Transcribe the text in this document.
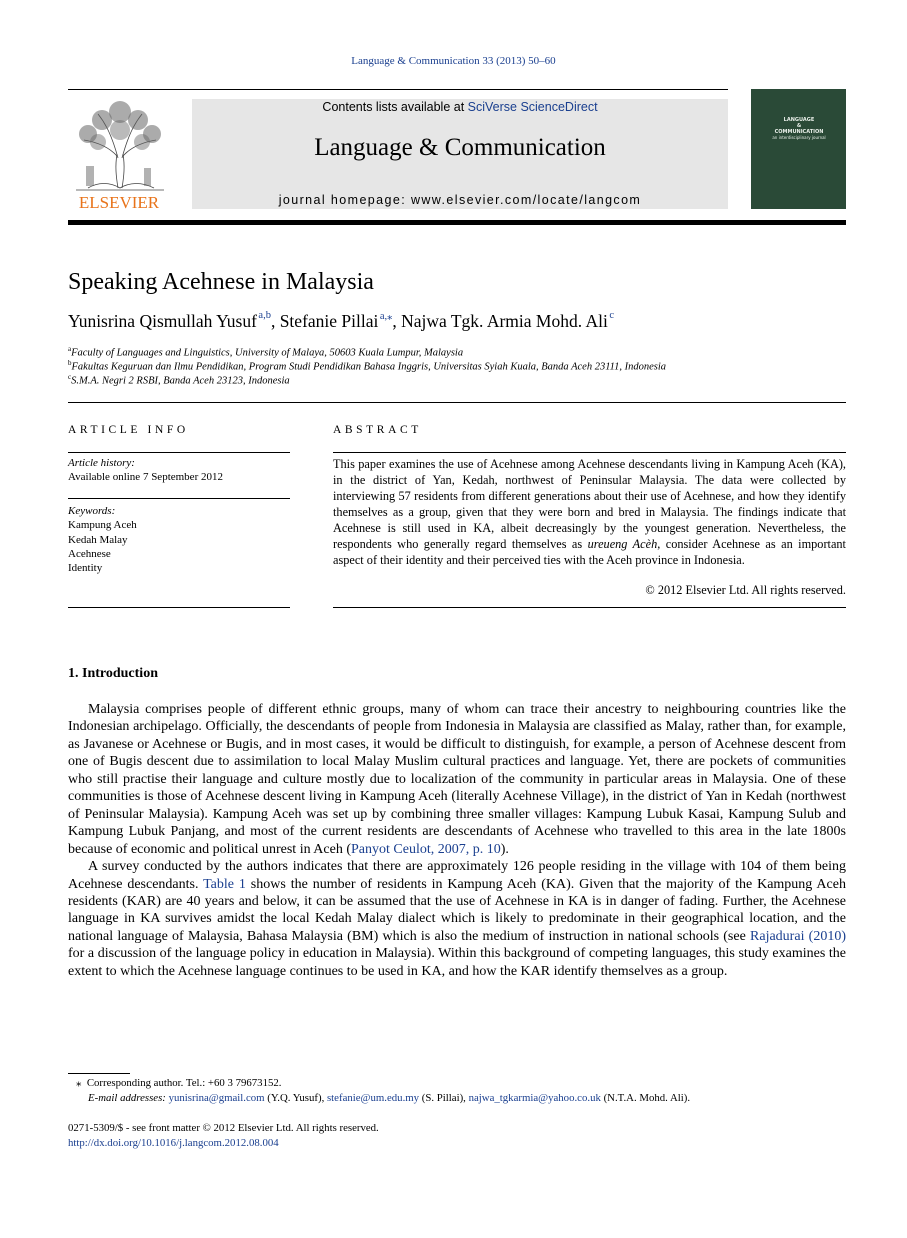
Language & Communication 33 (2013) 50–60
ELSEVIER
Contents lists available at SciVerse ScienceDirect
Language & Communication
journal homepage: www.elsevier.com/locate/langcom
LANGUAGE
&
COMMUNICATION
an interdisciplinary journal
Speaking Acehnese in Malaysia
Yunisrina Qismullah Yusuf $^{a,b}$, Stefanie Pillai $^{a,⁎}$, Najwa Tgk. Armia Mohd. Ali $^c$
$^a$Faculty of Languages and Linguistics, University of Malaya, 50603 Kuala Lumpur, Malaysia
$^b$Fakultas Keguruan dan Ilmu Pendidikan, Program Studi Pendidikan Bahasa Inggris, Universitas Syiah Kuala, Banda Aceh 23111, Indonesia
$^c$S.M.A. Negri 2 RSBI, Banda Aceh 23123, Indonesia
ARTICLE INFO
Article history:
Available online 7 September 2012
Keywords:
Kampung Aceh
Kedah Malay
Acehnese
Identity
ABSTRACT
This paper examines the use of Acehnese among Acehnese descendants living in Kampung Aceh (KA), in the district of Yan, Kedah, northwest of Peninsular Malaysia. The data were collected by interviewing 57 residents from different generations about their use of Acehnese, and how they identify themselves as a group, given that they were born and bred in Malaysia. The findings indicate that Acehnese is still used in KA, albeit decreasingly by the youngest generation. Nevertheless, the respondents who generally regard themselves as ureueng Acèh, consider Acehnese as an important aspect of their identity and their perceived ties with the Aceh province in Indonesia.
© 2012 Elsevier Ltd. All rights reserved.
1. Introduction

Malaysia comprises people of different ethnic groups, many of whom can trace their ancestry to neighbouring countries like the Indonesian archipelago. Officially, the descendants of people from Indonesia in Malaysia are classified as Malay, rather than, for example, as Javanese or Acehnese or Bugis, and in most cases, it would be difficult to distinguish, for example, a person of Acehnese descent from one of Bugis descent due to assimilation to local Malay Muslim cultural practices and language. Yet, there are pockets of communities who still practise their language and culture mostly due to localization of the community in particular areas in Malaysia. One of these communities is those of Acehnese descent living in Kampung Aceh (literally Acehnese Village), in the district of Yan in Kedah (northwest of Peninsular Malaysia). Kampung Aceh was set up by combining three smaller villages: Kampung Lubuk Kasai, Kampung Sulub and Kampung Lubuk Panjang, and most of the current residents are descendants of Acehnese who travelled to this area in the late 1800s because of economic and political unrest in Aceh (Panyot Ceulot, 2007, p. 10).

A survey conducted by the authors indicates that there are approximately 126 people residing in the village with 104 of them being Acehnese descendants. Table 1 shows the number of residents in Kampung Aceh (KA). Given that the majority of the Kampung Aceh residents (KAR) are 40 years and below, it can be assumed that the use of Acehnese in KA is in danger of fading. Further, the Acehnese language in KA survives amidst the local Kedah Malay dialect which is likely to predominate in their geographical location, and the national language of Malaysia, Bahasa Malaysia (BM) which is also the medium of instruction in national schools (see Rajadurai (2010) for a discussion of the language policy in education in Malaysia). Within this background of competing languages, this study examines the extent to which the Acehnese language continues to be used in KA, and how the KAR identify themselves as a group.

⁎ Corresponding author. Tel.: +60 3 79673152.
E-mail addresses: yunisrina@gmail.com (Y.Q. Yusuf), stefanie@um.edu.my (S. Pillai), najwa_tgkarmia@yahoo.co.uk (N.T.A. Mohd. Ali).
0271-5309/$ - see front matter © 2012 Elsevier Ltd. All rights reserved.
http://dx.doi.org/10.1016/j.langcom.2012.08.004
